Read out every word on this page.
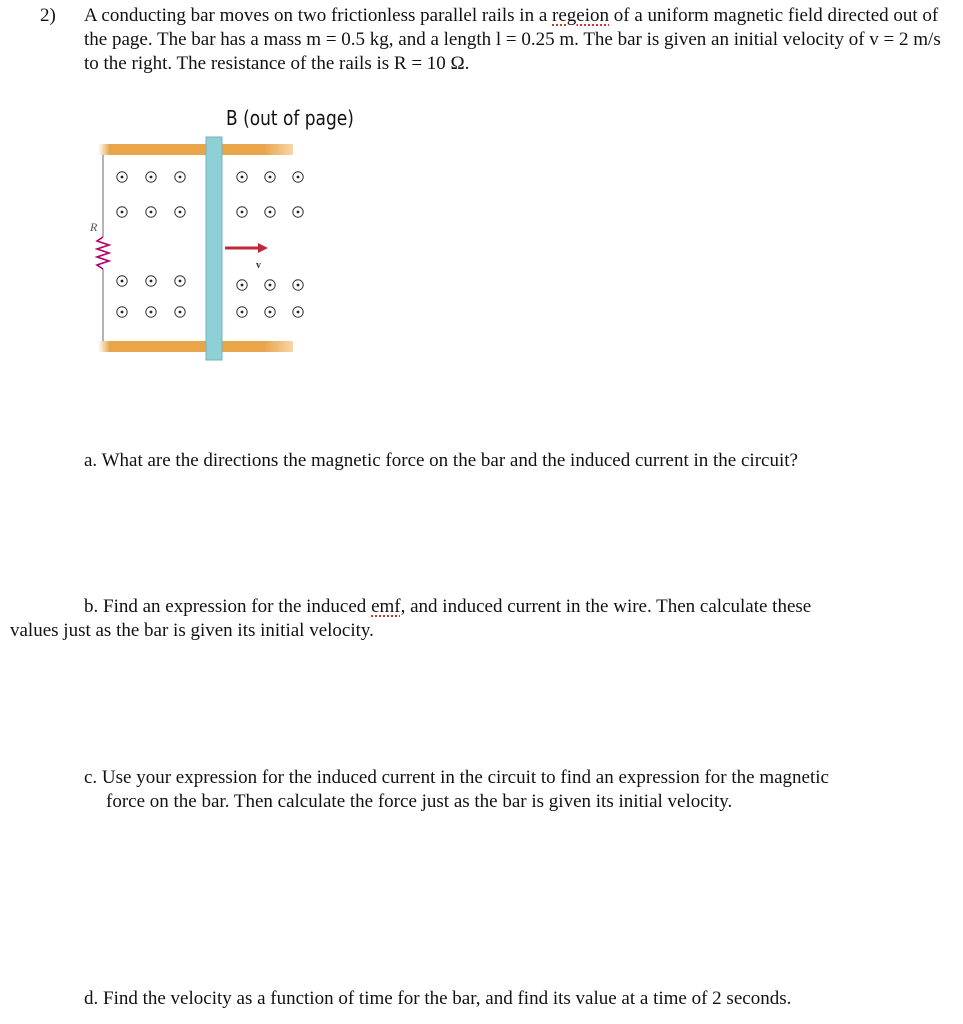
2) A conducting bar moves on two frictionless parallel rails in a regeion of a uniform magnetic field directed out of the page. The bar has a mass m = 0.5 kg, and a length l = 0.25 m. The bar is given an initial velocity of v = 2 m/s to the right. The resistance of the rails is R = 10 Ω.
B (out of page)
R
v
a. What are the directions the magnetic force on the bar and the induced current in the circuit?
b. Find an expression for the induced emf, and induced current in the wire. Then calculate these
values just as the bar is given its initial velocity.
c. Use your expression for the induced current in the circuit to find an expression for the magnetic
force on the bar. Then calculate the force just as the bar is given its initial velocity.
d. Find the velocity as a function of time for the bar, and find its value at a time of 2 seconds.
